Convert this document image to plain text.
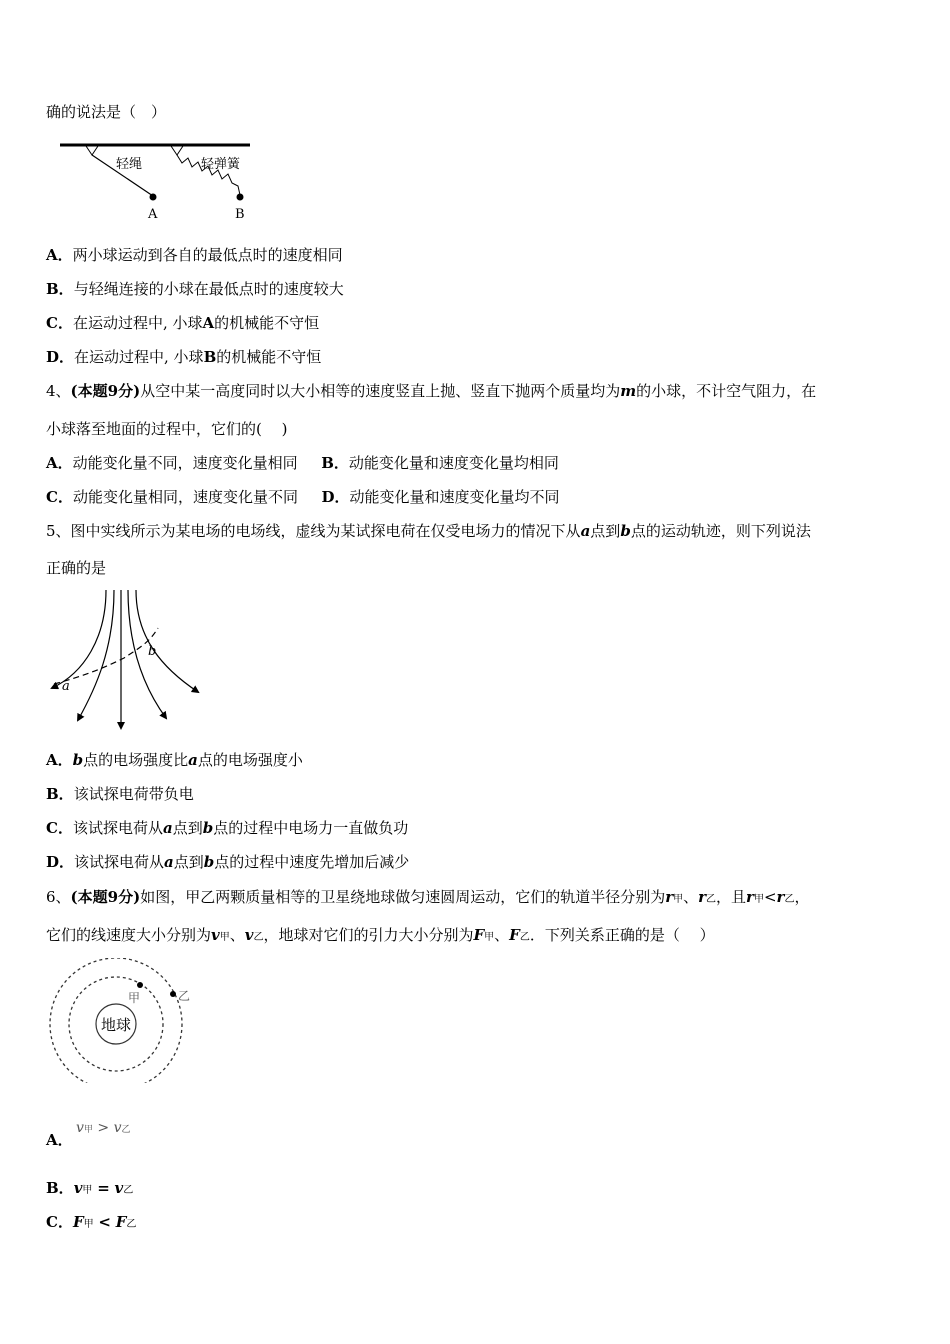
确的说法是（　）
轻绳	轻弹簧
A	B
A．两小球运动到各自的最低点时的速度相同
B．与轻绳连接的小球在最低点时的速度较大
C．在运动过程中, 小球A的机械能不守恒
D．在运动过程中, 小球B的机械能不守恒
4、(本题9分)从空中某一高度同时以大小相等的速度竖直上抛、竖直下抛两个质量均为m的小球，不计空气阻力，在
小球落至地面的过程中，它们的(　 )
A．动能变化量不同，速度变化量相同 B．动能变化量和速度变化量均相同
C．动能变化量相同，速度变化量不同 D．动能变化量和速度变化量均不同
5、图中实线所示为某电场的电场线，虚线为某试探电荷在仅受电场力的情况下从a点到b点的运动轨迹，则下列说法
正确的是
a
b
A．b点的电场强度比a点的电场强度小
B．该试探电荷带负电
C．该试探电荷从a点到b点的过程中电场力一直做负功
D．该试探电荷从a点到b点的过程中速度先增加后减少
6、(本题9分)如图，甲乙两颗质量相等的卫星绕地球做匀速圆周运动，它们的轨道半径分别为r甲、r乙，且r甲<r乙，
它们的线速度大小分别为v甲、v乙，地球对它们的引力大小分别为F甲、F乙．下列关系正确的是（　 ）
地球
甲	乙
A．
v甲 > v乙
B．v甲 = v乙
C．F甲 < F乙
